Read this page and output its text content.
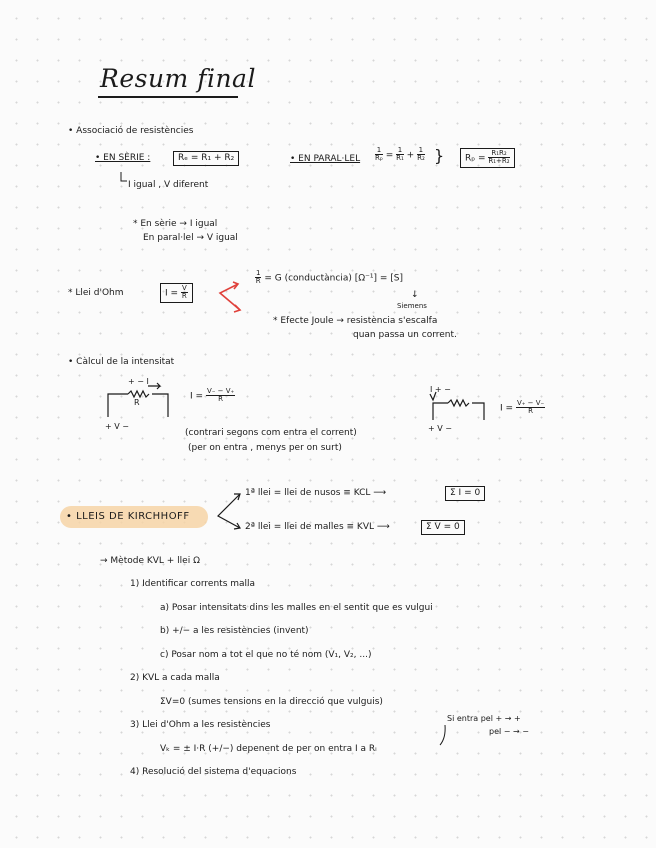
Resum final
• Associació de resistències
• EN SÈRIE :	Rₑ = R₁ + R₂
I igual , V diferent
• EN PARAL·LEL $\frac{1}{\text{Rₚ}} = \frac{1}{\text{R₁}} + \frac{1}{\text{R₂}}$ }	$R_p = \frac{\text{R₁R₂}}{\text{R₁+R₂}}$
* En sèrie → I igual
En paral·lel → V igual
* Llei d'Ohm	$I = \frac{V}{R}$
$\frac{1}{R} = G$ (conductància) [Ω⁻¹] = [S]
↓
Siemens
* Efecte Joule → resistència s'escalfa
quan passa un corrent.
• Càlcul de la intensitat
+ − I
R
+ V −
$I = \frac{V_- - V_+}{R}$
(contrari segons com entra el corrent)
(per on entra , menys per on surt)
I + −
+ V −
$I = \frac{V_+ - V_-}{R}$
• LLEIS DE KIRCHHOFF
1ª llei = llei de nusos ≡ KCL ⟶	Σ I = 0
2ª llei = llei de malles ≡ KVL ⟶	Σ V = 0
→ Mètode KVL + llei Ω
1) Identificar corrents malla
a) Posar intensitats dins les malles en el sentit que es vulgui
b) +/− a les resistències (invent)
c) Posar nom a tot el que no té nom (V₁, V₂, ...)
2) KVL a cada malla
ΣV=0 (sumes tensions en la direcció que vulguis)
3) Llei d'Ohm a les resistències
Vₖ = ± I·R (+/−) depenent de per on entra I a Rᵢ
Si entra pel + → +
pel − → −
4) Resolució del sistema d'equacions
